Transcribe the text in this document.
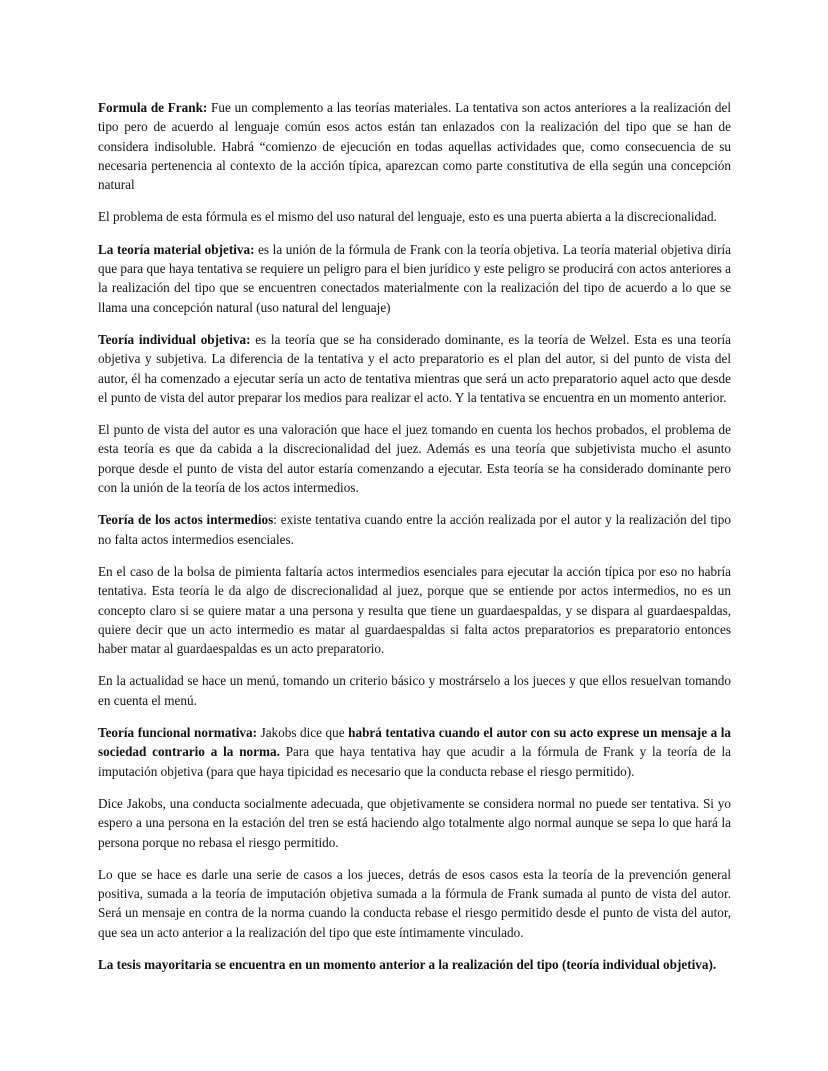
Formula de Frank: Fue un complemento a las teorías materiales. La tentativa son actos anteriores a la realización del tipo pero de acuerdo al lenguaje común esos actos están tan enlazados con la realización del tipo que se han de considera indisoluble. Habrá “comienzo de ejecución en todas aquellas actividades que, como consecuencia de su necesaria pertenencia al contexto de la acción típica, aparezcan como parte constitutiva de ella según una concepción natural

El problema de esta fórmula es el mismo del uso natural del lenguaje, esto es una puerta abierta a la discrecionalidad.

La teoría material objetiva: es la unión de la fórmula de Frank con la teoría objetiva. La teoría material objetiva diría que para que haya tentativa se requiere un peligro para el bien jurídico y este peligro se producirá con actos anteriores a la realización del tipo que se encuentren conectados materialmente con la realización del tipo de acuerdo a lo que se llama una concepción natural (uso natural del lenguaje)

Teoría individual objetiva: es la teoría que se ha considerado dominante, es la teoría de Welzel. Esta es una teoría objetiva y subjetiva. La diferencia de la tentativa y el acto preparatorio es el plan del autor, si del punto de vista del autor, él ha comenzado a ejecutar sería un acto de tentativa mientras que será un acto preparatorio aquel acto que desde el punto de vista del autor preparar los medios para realizar el acto. Y la tentativa se encuentra en un momento anterior.

El punto de vista del autor es una valoración que hace el juez tomando en cuenta los hechos probados, el problema de esta teoría es que da cabida a la discrecionalidad del juez. Además es una teoría que subjetivista mucho el asunto porque desde el punto de vista del autor estaría comenzando a ejecutar. Esta teoría se ha considerado dominante pero con la unión de la teoría de los actos intermedios.

Teoría de los actos intermedios: existe tentativa cuando entre la acción realizada por el autor y la realización del tipo no falta actos intermedios esenciales.

En el caso de la bolsa de pimienta faltaría actos intermedios esenciales para ejecutar la acción típica por eso no habría tentativa. Esta teoría le da algo de discrecionalidad al juez, porque que se entiende por actos intermedios, no es un concepto claro si se quiere matar a una persona y resulta que tiene un guardaespaldas, y se dispara al guardaespaldas, quiere decir que un acto intermedio es matar al guardaespaldas si falta actos preparatorios es preparatorio entonces haber matar al guardaespaldas es un acto preparatorio.

En la actualidad se hace un menú, tomando un criterio básico y mostrárselo a los jueces y que ellos resuelvan tomando en cuenta el menú.

Teoría funcional normativa: Jakobs dice que habrá tentativa cuando el autor con su acto exprese un mensaje a la sociedad contrario a la norma. Para que haya tentativa hay que acudir a la fórmula de Frank y la teoría de la imputación objetiva (para que haya tipicidad es necesario que la conducta rebase el riesgo permitido).

Dice Jakobs, una conducta socialmente adecuada, que objetivamente se considera normal no puede ser tentativa. Si yo espero a una persona en la estación del tren se está haciendo algo totalmente algo normal aunque se sepa lo que hará la persona porque no rebasa el riesgo permitido.

Lo que se hace es darle una serie de casos a los jueces, detrás de esos casos esta la teoría de la prevención general positiva, sumada a la teoría de imputación objetiva sumada a la fórmula de Frank sumada al punto de vista del autor. Será un mensaje en contra de la norma cuando la conducta rebase el riesgo permitido desde el punto de vista del autor, que sea un acto anterior a la realización del tipo que este íntimamente vinculado.

La tesis mayoritaria se encuentra en un momento anterior a la realización del tipo (teoría individual objetiva).
